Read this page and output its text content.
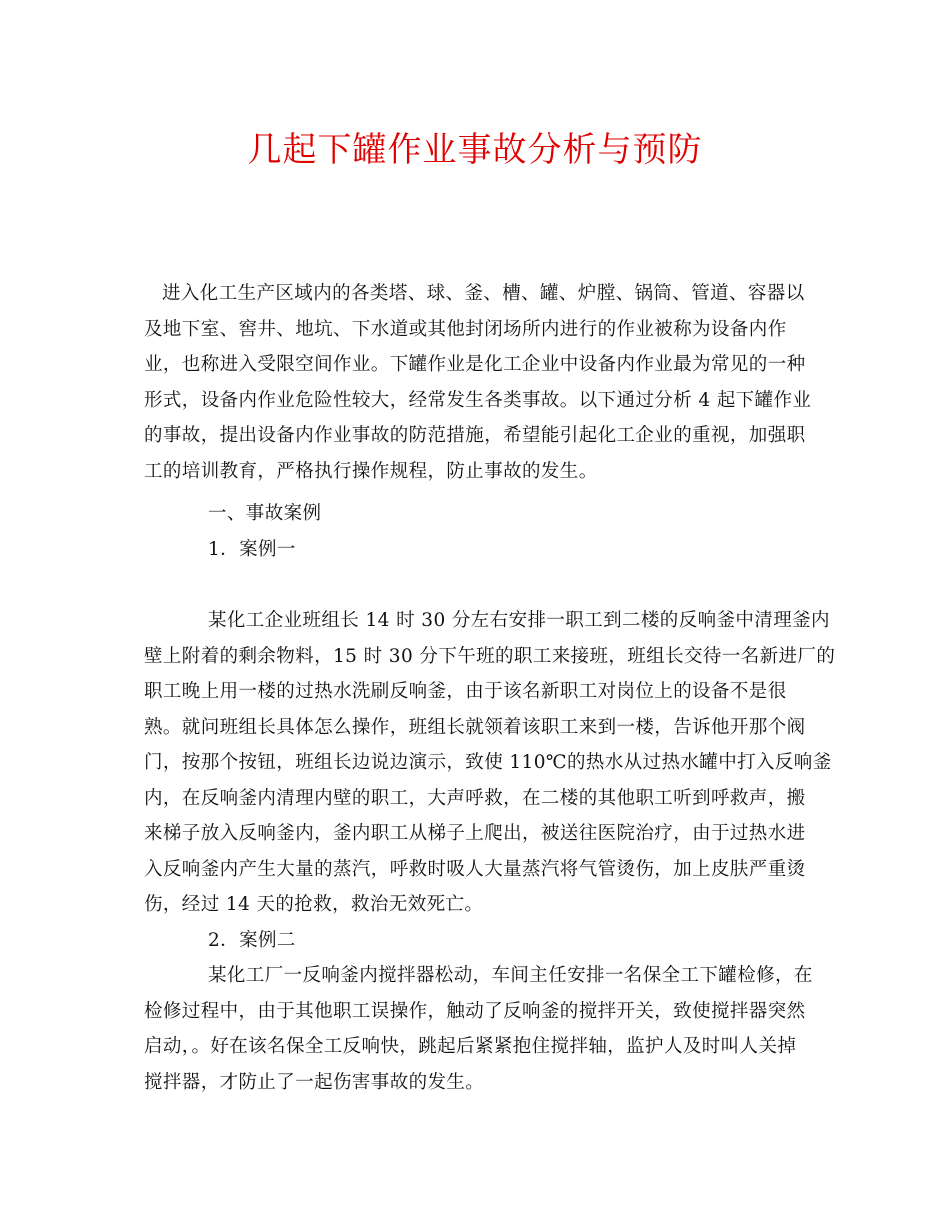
几起下罐作业事故分析与预防
进入化工生产区域内的各类塔、球、釜、槽、罐、炉膛、锅筒、管道、容器以
及地下室、窖井、地坑、下水道或其他封闭场所内进行的作业被称为设备内作
业，也称进入受限空间作业。下罐作业是化工企业中设备内作业最为常见的一种
形式，设备内作业危险性较大，经常发生各类事故。以下通过分析 4 起下罐作业
的事故，提出设备内作业事故的防范措施，希望能引起化工企业的重视，加强职
工的培训教育，严格执行操作规程，防止事故的发生。
一、事故案例
1．案例一
某化工企业班组长 14 时 30 分左右安排一职工到二楼的反响釜中清理釜内
壁上附着的剩余物料，15 时 30 分下午班的职工来接班，班组长交待一名新进厂的
职工晚上用一楼的过热水洗刷反响釜，由于该名新职工对岗位上的设备不是很
熟。就问班组长具体怎么操作，班组长就领着该职工来到一楼，告诉他开那个阀
门，按那个按钮，班组长边说边演示，致使 110℃的热水从过热水罐中打入反响釜
内，在反响釜内清理内壁的职工，大声呼救，在二楼的其他职工听到呼救声，搬
来梯子放入反响釜内，釜内职工从梯子上爬出，被送往医院治疗，由于过热水进
入反响釜内产生大量的蒸汽，呼救时吸人大量蒸汽将气管烫伤，加上皮肤严重烫
伤，经过 14 天的抢救，救治无效死亡。
2．案例二
某化工厂一反响釜内搅拌器松动，车间主任安排一名保全工下罐检修，在
检修过程中，由于其他职工误操作，触动了反响釜的搅拌开关，致使搅拌器突然
启动，。好在该名保全工反响快，跳起后紧紧抱住搅拌轴，监护人及时叫人关掉
搅拌器，才防止了一起伤害事故的发生。
